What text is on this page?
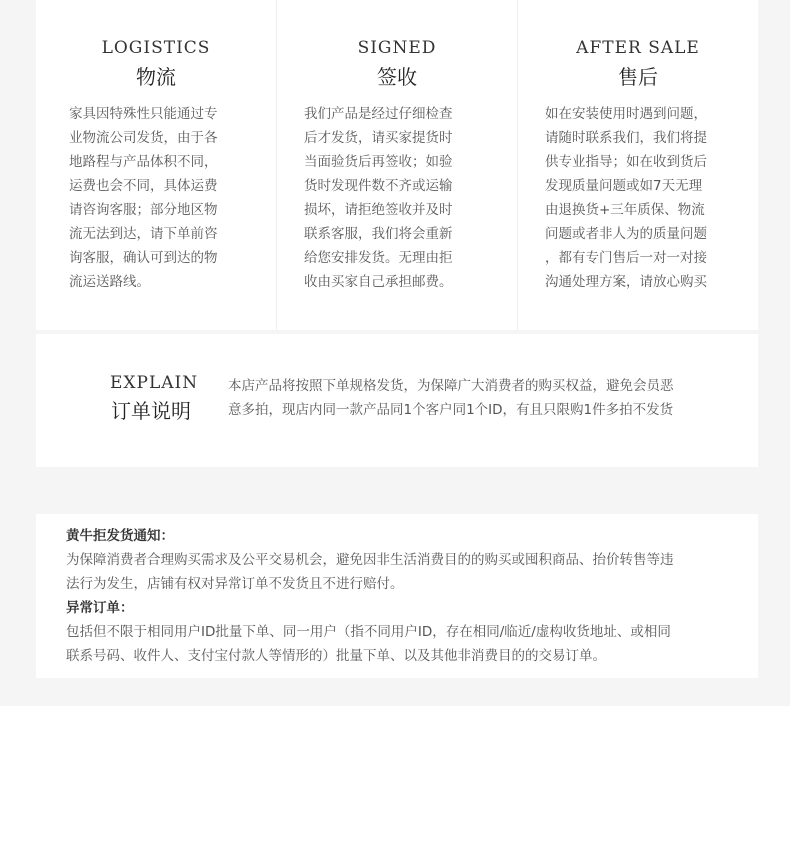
LOGISTICS
物流
家具因特殊性只能通过专
业物流公司发货，由于各
地路程与产品体积不同，
运费也会不同，具体运费
请咨询客服；部分地区物
流无法到达，请下单前咨
询客服，确认可到达的物
流运送路线。
SIGNED
签收
我们产品是经过仔细检查
后才发货，请买家提货时
当面验货后再签收；如验
货时发现件数不齐或运输
损坏，请拒绝签收并及时
联系客服，我们将会重新
给您安排发货。无理由拒
收由买家自己承担邮费。
AFTER SALE
售后
如在安装使用时遇到问题，
请随时联系我们，我们将提
供专业指导；如在收到货后
发现质量问题或如7天无理
由退换货+三年质保、物流
问题或者非人为的质量问题
，都有专门售后一对一对接
沟通处理方案，请放心购买
EXPLAIN
订单说明
本店产品将按照下单规格发货，为保障广大消费者的购买权益，避免会员恶
意多拍，现店内同一款产品同1个客户同1个ID，有且只限购1件多拍不发货

黄牛拒发货通知：

为保障消费者合理购买需求及公平交易机会，避免因非生活消费目的的购买或囤积商品、抬价转售等违
法行为发生，店铺有权对异常订单不发货且不进行赔付。

异常订单：

包括但不限于相同用户ID批量下单、同一用户（指不同用户ID，存在相同/临近/虚构收货地址、或相同
联系号码、收件人、支付宝付款人等情形的）批量下单、以及其他非消费目的的交易订单。
